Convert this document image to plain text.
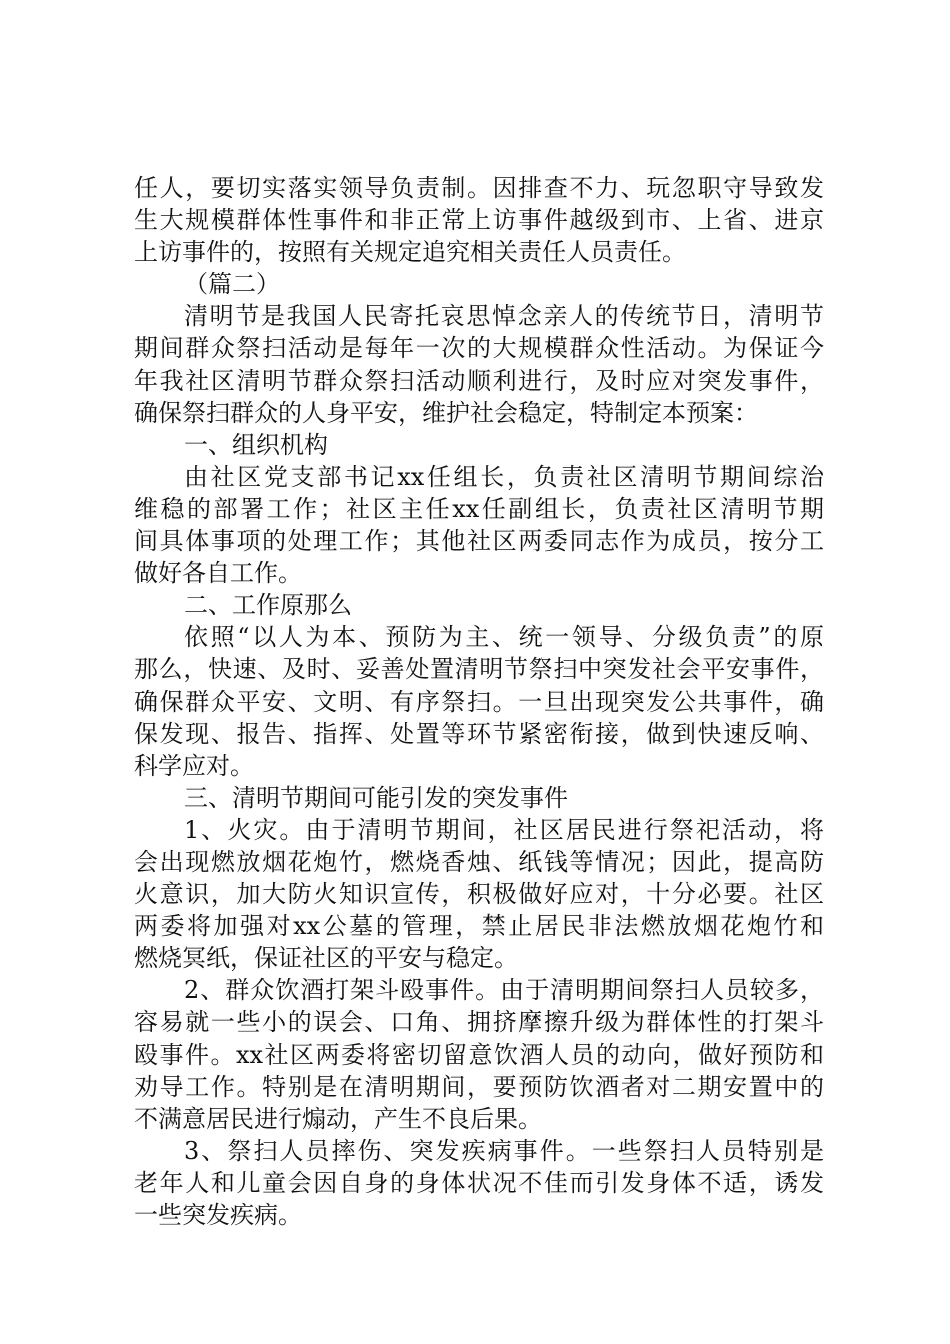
任人，要切实落实领导负责制。因排查不力、玩忽职守导致发
生大规模群体性事件和非正常上访事件越级到市、上省、进京
上访事件的，按照有关规定追究相关责任人员责任。
（篇二）
清明节是我国人民寄托哀思悼念亲人的传统节日，清明节
期间群众祭扫活动是每年一次的大规模群众性活动。为保证今
年我社区清明节群众祭扫活动顺利进行，及时应对突发事件，
确保祭扫群众的人身平安，维护社会稳定，特制定本预案：
一、组织机构
由社区党支部书记xx任组长，负责社区清明节期间综治
维稳的部署工作；社区主任xx任副组长，负责社区清明节期
间具体事项的处理工作；其他社区两委同志作为成员，按分工
做好各自工作。
二、工作原那么
依照“以人为本、预防为主、统一领导、分级负责”的原
那么，快速、及时、妥善处置清明节祭扫中突发社会平安事件，
确保群众平安、文明、有序祭扫。一旦出现突发公共事件，确
保发现、报告、指挥、处置等环节紧密衔接，做到快速反响、
科学应对。
三、清明节期间可能引发的突发事件
1、火灾。由于清明节期间，社区居民进行祭祀活动，将
会出现燃放烟花炮竹，燃烧香烛、纸钱等情况；因此，提高防
火意识，加大防火知识宣传，积极做好应对，十分必要。社区
两委将加强对xx公墓的管理，禁止居民非法燃放烟花炮竹和
燃烧冥纸，保证社区的平安与稳定。
2、群众饮酒打架斗殴事件。由于清明期间祭扫人员较多，
容易就一些小的误会、口角、拥挤摩擦升级为群体性的打架斗
殴事件。xx社区两委将密切留意饮酒人员的动向，做好预防和
劝导工作。特别是在清明期间，要预防饮酒者对二期安置中的
不满意居民进行煽动，产生不良后果。
3、祭扫人员摔伤、突发疾病事件。一些祭扫人员特别是
老年人和儿童会因自身的身体状况不佳而引发身体不适，诱发
一些突发疾病。
